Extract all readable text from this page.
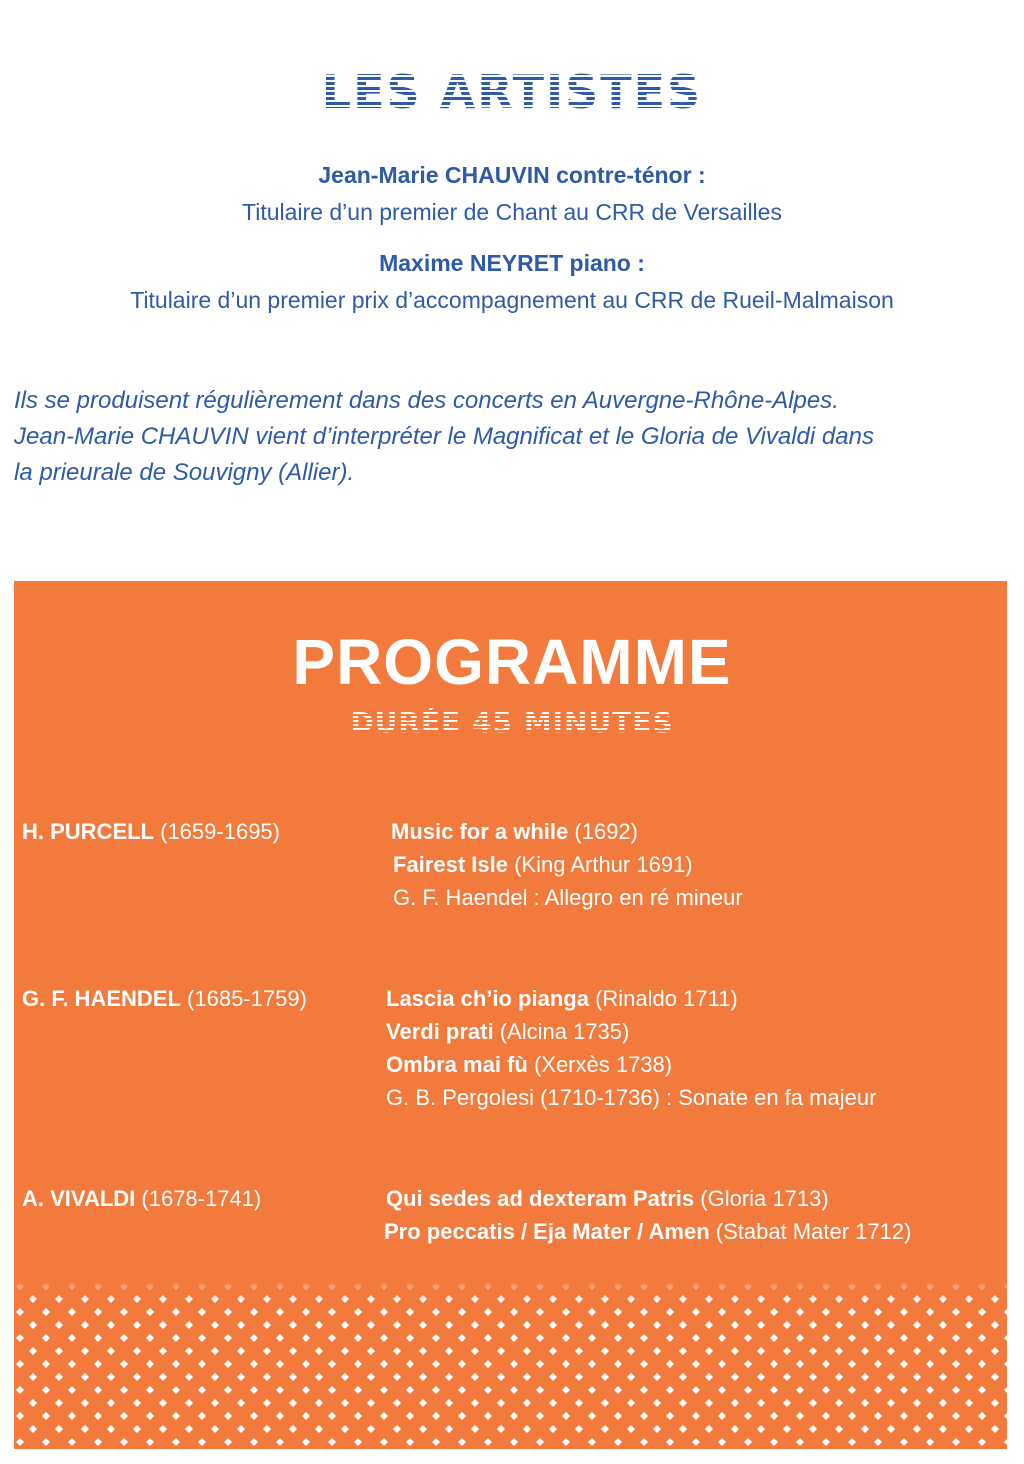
LES ARTISTES
Jean-Marie CHAUVIN contre-ténor :
Titulaire d’un premier de Chant au CRR de Versailles
Maxime NEYRET piano :
Titulaire d’un premier prix d’accompagnement au CRR de Rueil-Malmaison
Ils se produisent régulièrement dans des concerts en Auvergne-Rhône-Alpes.
Jean-Marie CHAUVIN vient d’interpréter le Magnificat et le Gloria de Vivaldi dans
la prieurale de Souvigny (Allier).
PROGRAMME
DURÉE 45 MINUTES
H. PURCELL (1659-1695)	Music for a while (1692)
Fairest Isle (King Arthur 1691)
G. F. Haendel : Allegro en ré mineur
G. F. HAENDEL (1685-1759)	Lascia ch’io pianga (Rinaldo 1711)
Verdi prati (Alcina 1735)
Ombra mai fù (Xerxès 1738)
G. B. Pergolesi (1710-1736) : Sonate en fa majeur
A. VIVALDI (1678-1741)	Qui sedes ad dexteram Patris (Gloria 1713)
Pro peccatis / Eja Mater / Amen (Stabat Mater 1712)
